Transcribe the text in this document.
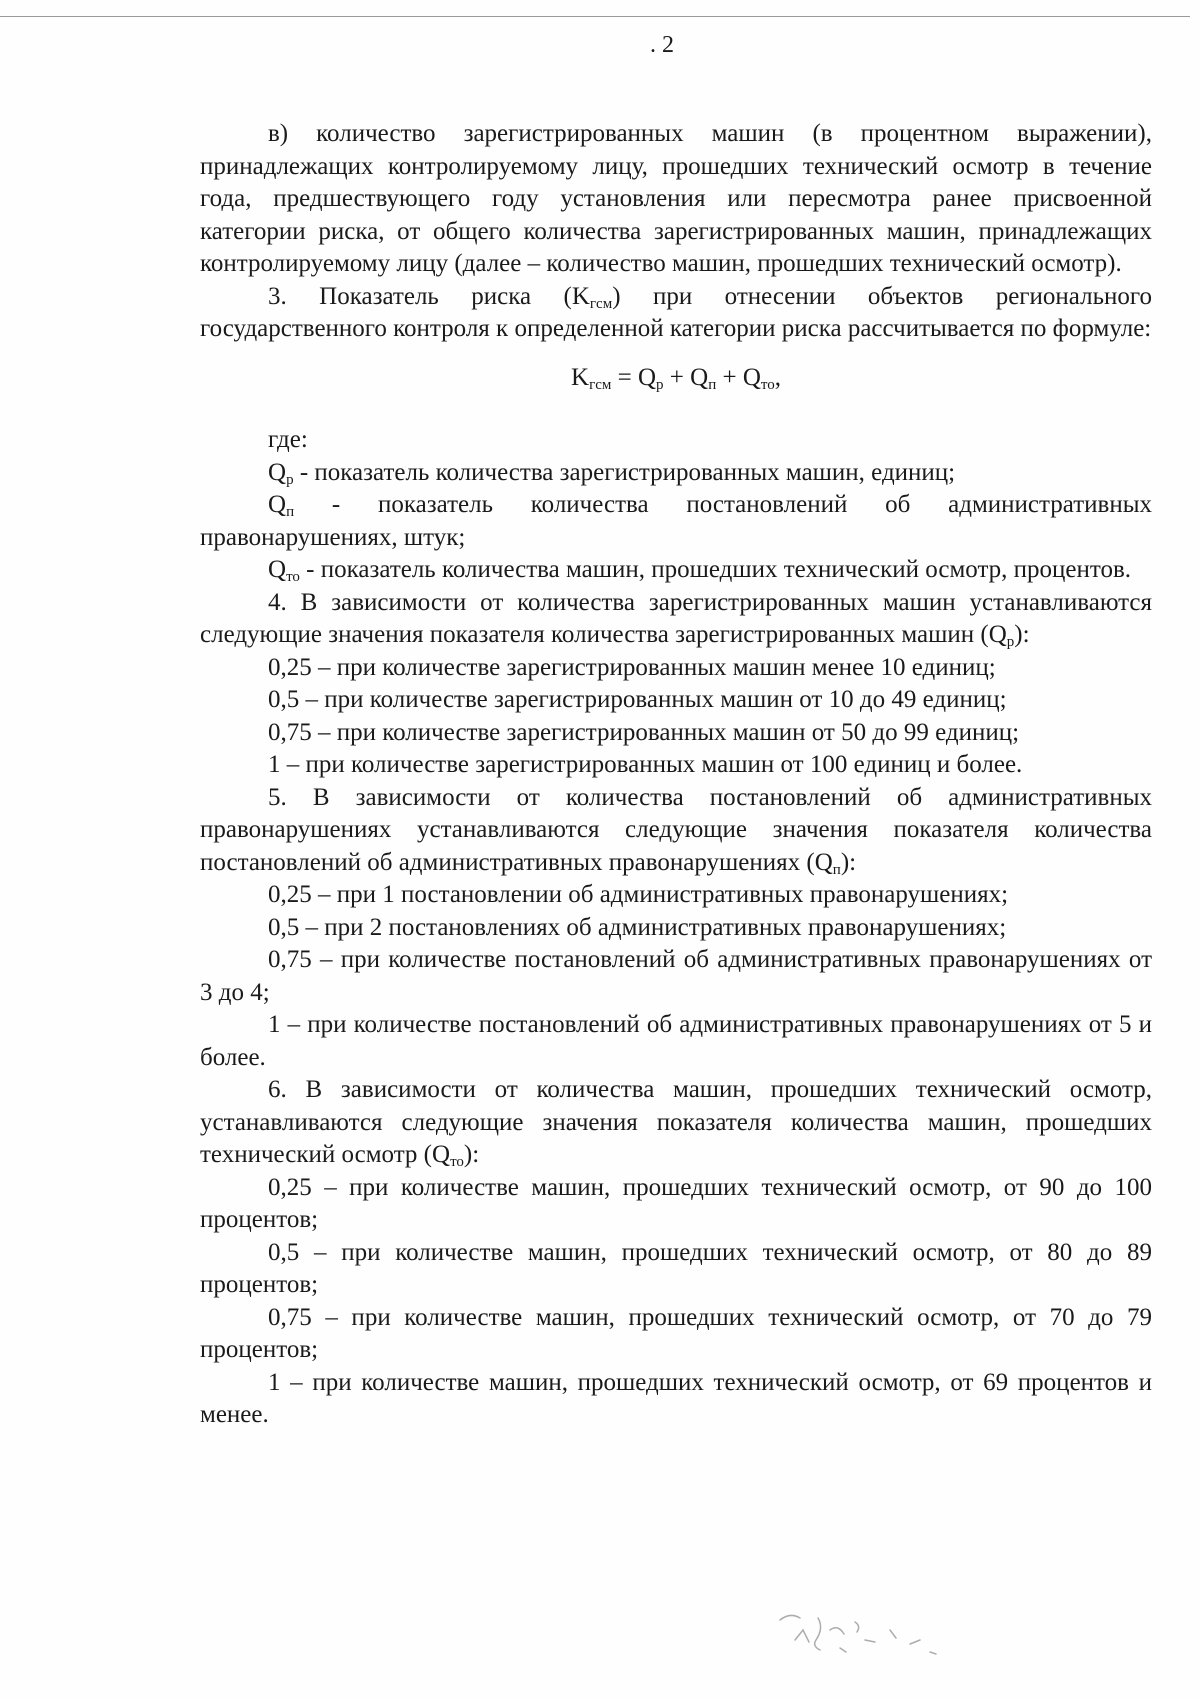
. 2

в) количество зарегистрированных машин (в процентном выражении), принадлежащих контролируемому лицу, прошедших технический осмотр в течение года, предшествующего году установления или пересмотра ранее присвоенной категории риска, от общего количества зарегистрированных машин, принадлежащих контролируемому лицу (далее – количество машин, прошедших технический осмотр).

3. Показатель риска $(K_{гсм})$ при отнесении объектов регионального государственного контроля к определенной категории риска рассчитывается по формуле:

$K_{гсм} = Q_р + Q_п + Q_{то}$,

где:

$Q_р$ - показатель количества зарегистрированных машин, единиц;

$Q_п$ - показатель количества постановлений об административных правонарушениях, штук;

$Q_{то}$ - показатель количества машин, прошедших технический осмотр, процентов.

4. В зависимости от количества зарегистрированных машин устанавливаются следующие значения показателя количества зарегистрированных машин $(Q_р)$:

0,25 – при количестве зарегистрированных машин менее 10 единиц;

0,5 – при количестве зарегистрированных машин от 10 до 49 единиц;

0,75 – при количестве зарегистрированных машин от 50 до 99 единиц;

1 – при количестве зарегистрированных машин от 100 единиц и более.

5. В зависимости от количества постановлений об административных правонарушениях устанавливаются следующие значения показателя количества постановлений об административных правонарушениях $(Q_п)$:

0,25 – при 1 постановлении об административных правонарушениях;

0,5 – при 2 постановлениях об административных правонарушениях;

0,75 – при количестве постановлений об административных правонарушениях от 3 до 4;

1 – при количестве постановлений об административных правонарушениях от 5 и более.

6. В зависимости от количества машин, прошедших технический осмотр, устанавливаются следующие значения показателя количества машин, прошедших технический осмотр $(Q_{то})$:

0,25 – при количестве машин, прошедших технический осмотр, от 90 до 100 процентов;

0,5 – при количестве машин, прошедших технический осмотр, от 80 до 89 процентов;

0,75 – при количестве машин, прошедших технический осмотр, от 70 до 79 процентов;

1 – при количестве машин, прошедших технический осмотр, от 69 процентов и менее.
